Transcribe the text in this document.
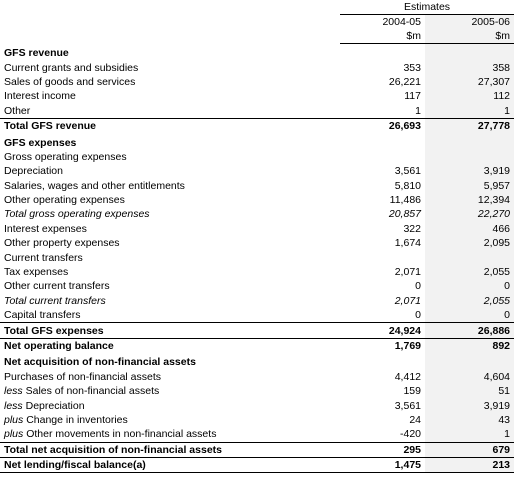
	Estimates	
	2004-05	2005-06
	$m	$m
GFS revenue		
Current grants and subsidies	353	358
Sales of goods and services	26,221	27,307
Interest income	117	112
Other	1	1
Total GFS revenue	26,693	27,778
GFS expenses		
Gross operating expenses		
Depreciation	3,561	3,919
Salaries, wages and other entitlements	5,810	5,957
Other operating expenses	11,486	12,394
Total gross operating expenses	20,857	22,270
Interest expenses	322	466
Other property expenses	1,674	2,095
Current transfers		
Tax expenses	2,071	2,055
Other current transfers	0	0
Total current transfers	2,071	2,055
Capital transfers	0	0
Total GFS expenses	24,924	26,886
Net operating balance	1,769	892
Net acquisition of non-financial assets		
Purchases of non-financial assets	4,412	4,604
less Sales of non-financial assets	159	51
less Depreciation	3,561	3,919
plus Change in inventories	24	43
plus Other movements in non-financial assets	-420	1
Total net acquisition of non-financial assets	295	679
Net lending/fiscal balance(a)	1,475	213
